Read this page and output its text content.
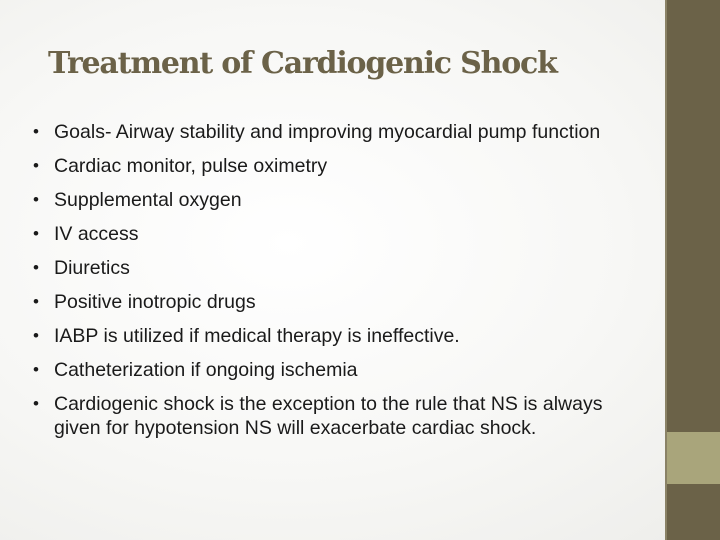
Treatment of Cardiogenic Shock
• Goals- Airway stability and improving myocardial pump function
• Cardiac monitor, pulse oximetry
• Supplemental oxygen
• IV access
• Diuretics
• Positive inotropic drugs
• IABP is utilized if medical therapy is ineffective.
• Catheterization if ongoing ischemia
• Cardiogenic shock is the exception to the rule that NS is always given for hypotension NS will exacerbate cardiac shock.
